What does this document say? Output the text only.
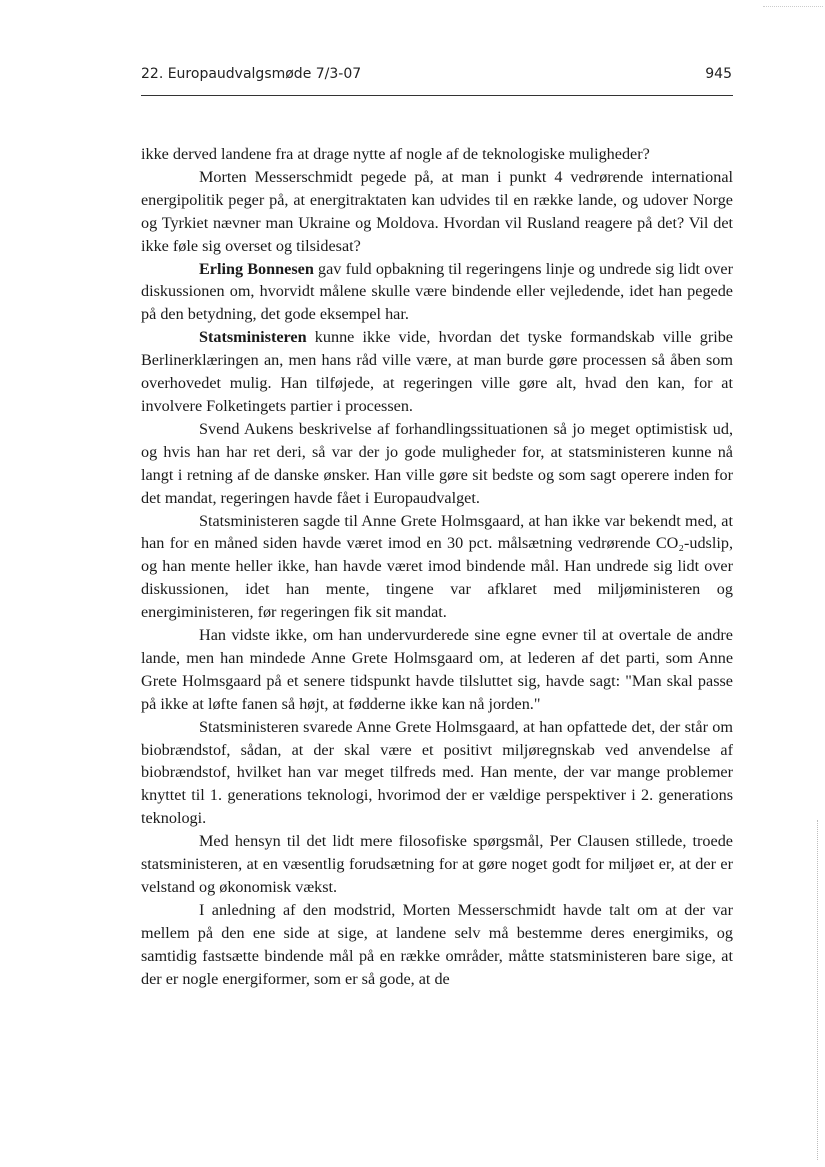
22. Europaudvalgsmøde 7/3-07	945

ikke derved landene fra at drage nytte af nogle af de teknologiske muligheder?

Morten Messerschmidt pegede på, at man i punkt 4 vedrørende international energipolitik peger på, at energitraktaten kan udvides til en række lande, og udover Norge og Tyrkiet nævner man Ukraine og Moldova. Hvordan vil Rusland reagere på det? Vil det ikke føle sig overset og tilsidesat?

Erling Bonnesen gav fuld opbakning til regeringens linje og undrede sig lidt over diskussionen om, hvorvidt målene skulle være bindende eller vejledende, idet han pegede på den betydning, det gode eksempel har.

Statsministeren kunne ikke vide, hvordan det tyske formandskab ville gribe Berlinerklæringen an, men hans råd ville være, at man burde gøre processen så åben som overhovedet mulig. Han tilføjede, at regeringen ville gøre alt, hvad den kan, for at involvere Folketingets partier i processen.

Svend Aukens beskrivelse af forhandlingssituationen så jo meget optimistisk ud, og hvis han har ret deri, så var der jo gode muligheder for, at statsministeren kunne nå langt i retning af de danske ønsker. Han ville gøre sit bedste og som sagt operere inden for det mandat, regeringen havde fået i Europaudvalget.

Statsministeren sagde til Anne Grete Holmsgaard, at han ikke var bekendt med, at han for en måned siden havde været imod en 30 pct. målsætning vedrørende CO₂-udslip, og han mente heller ikke, han havde været imod bindende mål. Han undrede sig lidt over diskussionen, idet han mente, tingene var afklaret med miljøministeren og energiministeren, før regeringen fik sit mandat.

Han vidste ikke, om han undervurderede sine egne evner til at overtale de andre lande, men han mindede Anne Grete Holmsgaard om, at lederen af det parti, som Anne Grete Holmsgaard på et senere tidspunkt havde tilsluttet sig, havde sagt: "Man skal passe på ikke at løfte fanen så højt, at fødderne ikke kan nå jorden."

Statsministeren svarede Anne Grete Holmsgaard, at han opfattede det, der står om biobrændstof, sådan, at der skal være et positivt miljøregnskab ved anvendelse af biobrændstof, hvilket han var meget tilfreds med. Han mente, der var mange problemer knyttet til 1. generations teknologi, hvorimod der er vældige perspektiver i 2. generations teknologi.

Med hensyn til det lidt mere filosofiske spørgsmål, Per Clausen stillede, troede statsministeren, at en væsentlig forudsætning for at gøre noget godt for miljøet er, at der er velstand og økonomisk vækst.

I anledning af den modstrid, Morten Messerschmidt havde talt om at der var mellem på den ene side at sige, at landene selv må bestemme deres energimiks, og samtidig fastsætte bindende mål på en række områder, måtte statsministeren bare sige, at der er nogle energiformer, som er så gode, at de
